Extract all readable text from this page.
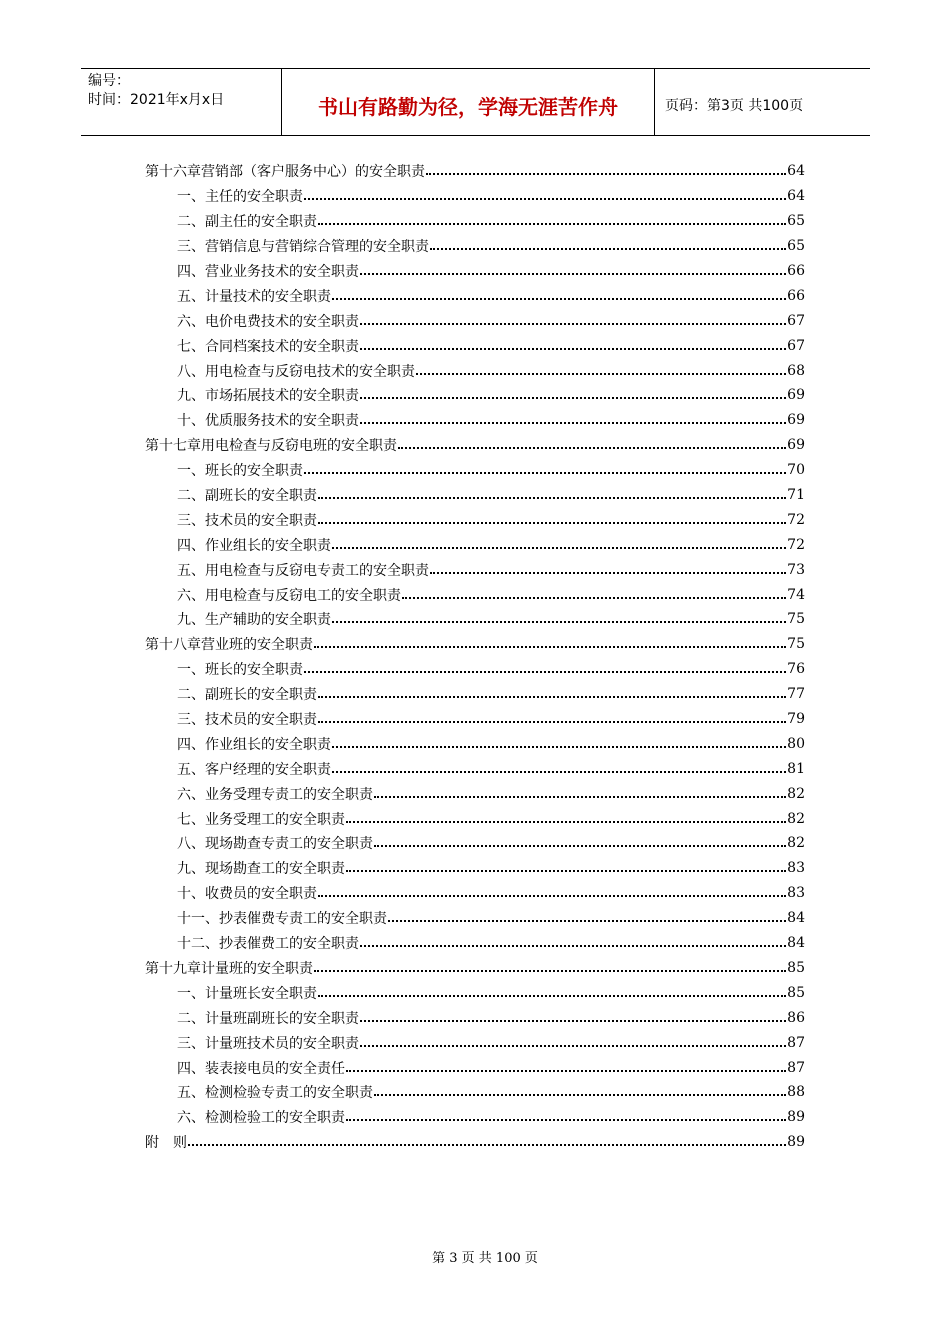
编号：
时间：2021年x月x日	书山有路勤为径，学海无涯苦作舟	页码：第3页 共100页
第十六章营销部（客户服务中心）的安全职责	64
一、主任的安全职责	64
二、副主任的安全职责	65
三、营销信息与营销综合管理的安全职责	65
四、营业业务技术的安全职责	66
五、计量技术的安全职责	66
六、电价电费技术的安全职责	67
七、合同档案技术的安全职责	67
八、用电检查与反窃电技术的安全职责	68
九、市场拓展技术的安全职责	69
十、优质服务技术的安全职责	69
第十七章用电检查与反窃电班的安全职责	69
一、班长的安全职责	70
二、副班长的安全职责	71
三、技术员的安全职责	72
四、作业组长的安全职责	72
五、用电检查与反窃电专责工的安全职责	73
六、用电检查与反窃电工的安全职责	74
九、生产辅助的安全职责	75
第十八章营业班的安全职责	75
一、班长的安全职责	76
二、副班长的安全职责	77
三、技术员的安全职责	79
四、作业组长的安全职责	80
五、客户经理的安全职责	81
六、业务受理专责工的安全职责	82
七、业务受理工的安全职责	82
八、现场勘查专责工的安全职责	82
九、现场勘查工的安全职责	83
十、收费员的安全职责	83
十一、抄表催费专责工的安全职责	84
十二、抄表催费工的安全职责	84
第十九章计量班的安全职责	85
一、计量班长安全职责	85
二、计量班副班长的安全职责	86
三、计量班技术员的安全职责	87
四、装表接电员的安全责任	87
五、检测检验专责工的安全职责	88
六、检测检验工的安全职责	89
附　则	89
第 3 页 共 100 页
